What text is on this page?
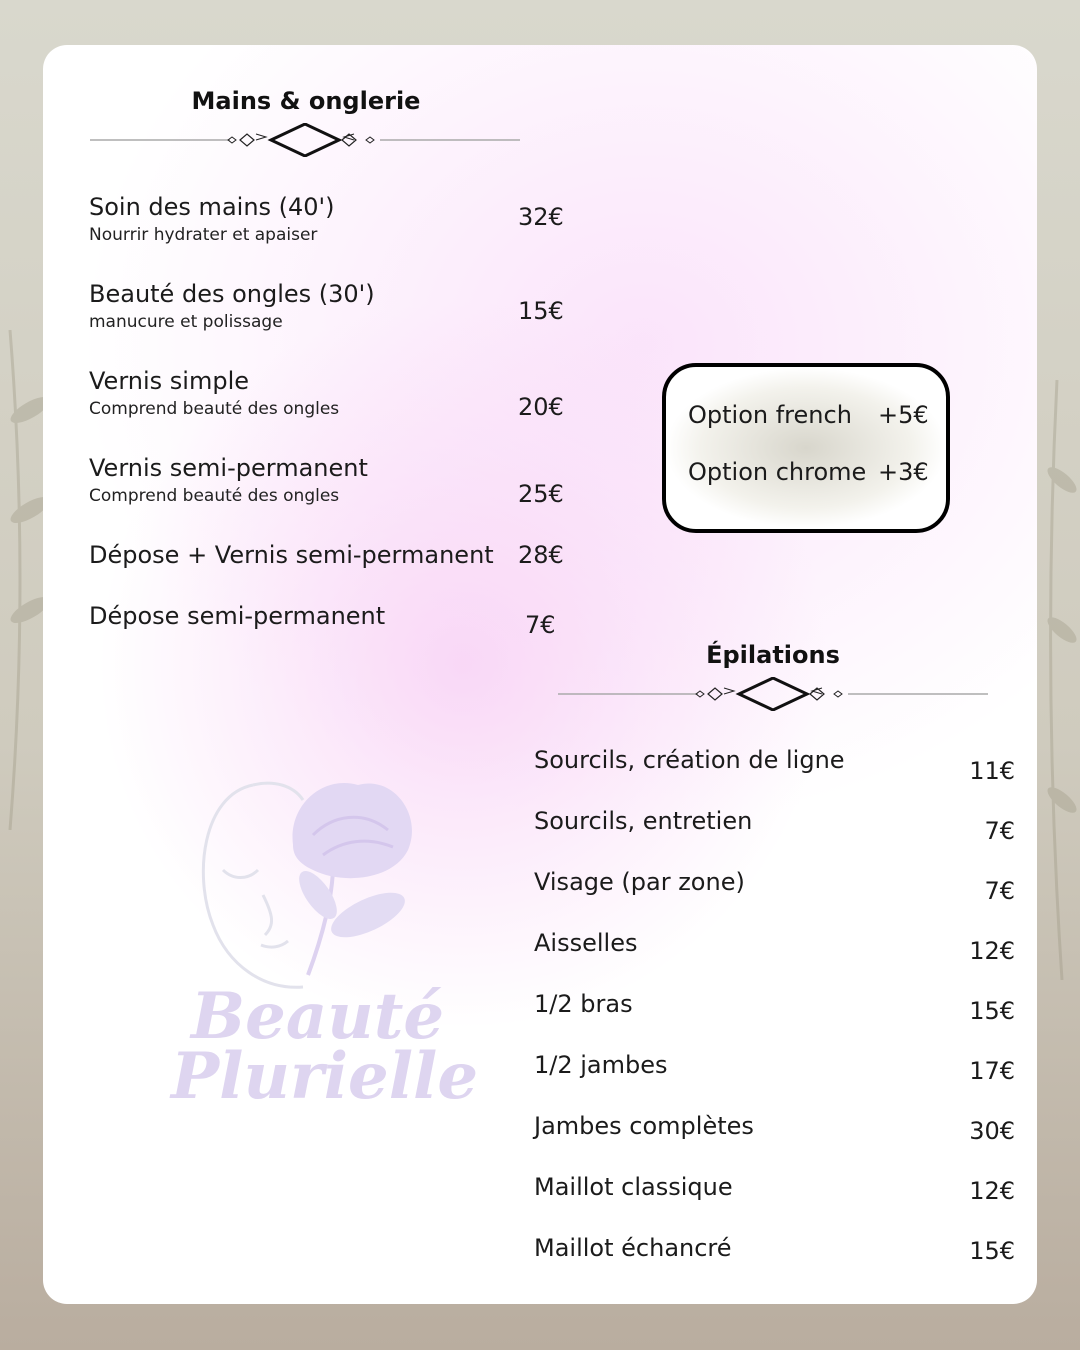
Mains & onglerie
Soin des mains (40')
Nourrir hydrater et apaiser
32€
Beauté des ongles (30')
manucure et polissage	15€
Vernis simple
Comprend beauté des ongles	20€
Vernis semi-permanent
Comprend beauté des ongles	25€
Dépose + Vernis semi-permanent 28€
Dépose semi-permanent	7€
Option french +5€
Option chrome +3€
Épilations
Sourcils, création de ligne	11€
Sourcils, entretien	7€
Visage (par zone)	7€
Aisselles	12€
1/2 bras	15€
1/2 jambes	17€
Jambes complètes	30€
Maillot classique	12€
Maillot échancré	15€
Beauté
Plurielle
